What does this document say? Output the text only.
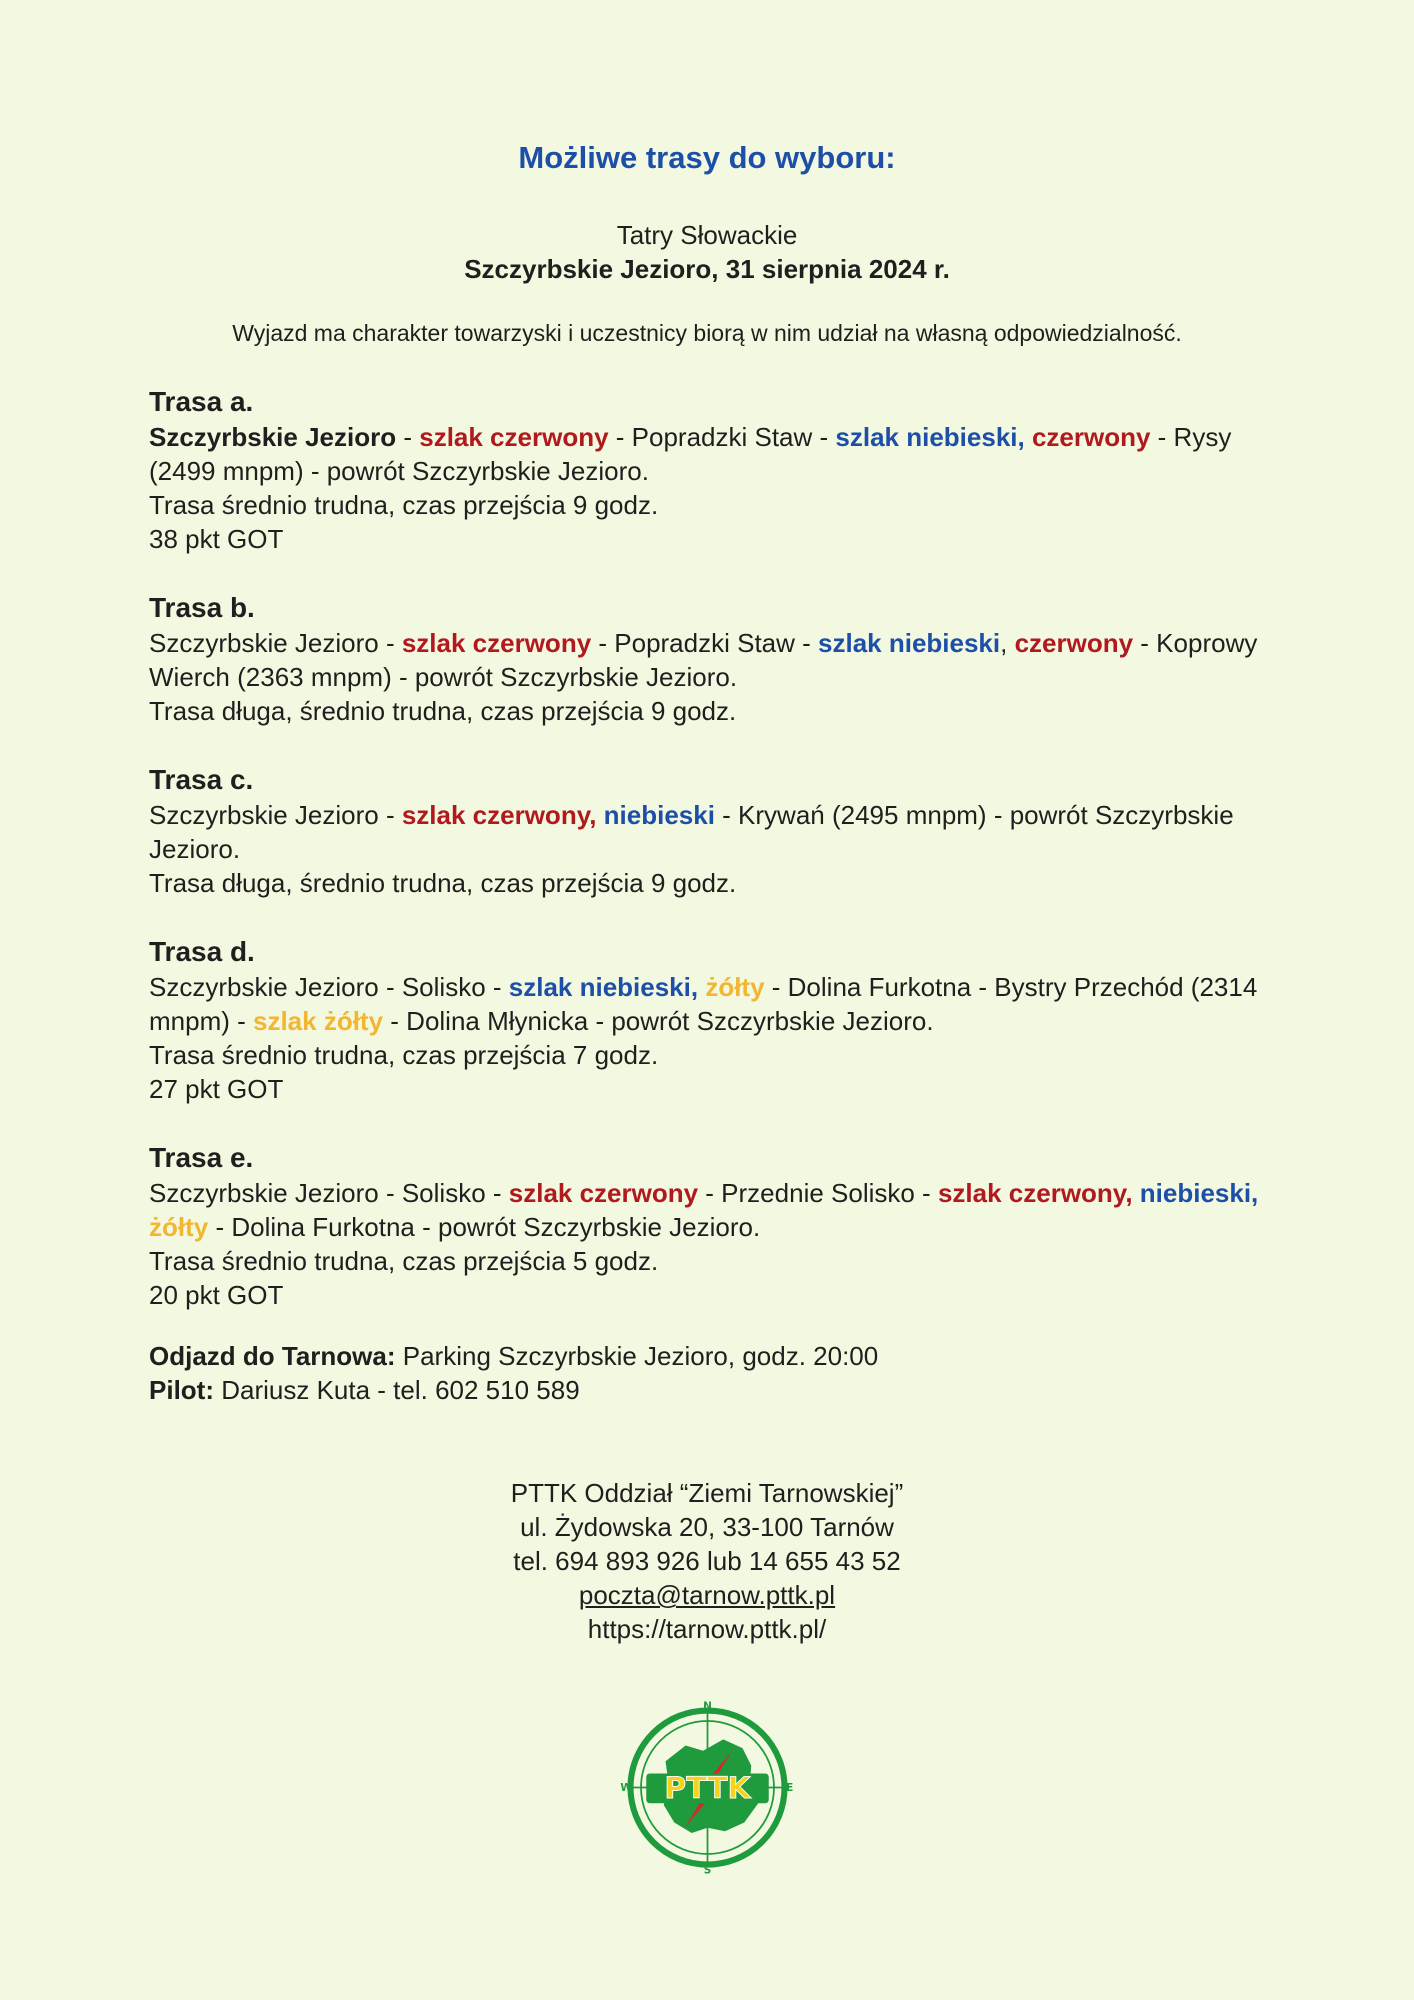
Możliwe trasy do wyboru:
Tatry Słowackie
Szczyrbskie Jezioro, 31 sierpnia 2024 r.
Wyjazd ma charakter towarzyski i uczestnicy biorą w nim udział na własną odpowiedzialność.
Trasa a.
Szczyrbskie Jezioro - szlak czerwony - Popradzki Staw - szlak niebieski, czerwony - Rysy (2499 mnpm) - powrót Szczyrbskie Jezioro.
Trasa średnio trudna, czas przejścia 9 godz.
38 pkt GOT
Trasa b.
Szczyrbskie Jezioro - szlak czerwony - Popradzki Staw - szlak niebieski, czerwony - Koprowy Wierch (2363 mnpm) - powrót Szczyrbskie Jezioro.
Trasa długa, średnio trudna, czas przejścia 9 godz.
Trasa c.
Szczyrbskie Jezioro - szlak czerwony, niebieski - Krywań (2495 mnpm) - powrót Szczyrbskie Jezioro.
Trasa długa, średnio trudna, czas przejścia 9 godz.
Trasa d.
Szczyrbskie Jezioro - Solisko - szlak niebieski, żółty - Dolina Furkotna - Bystry Przechód (2314 mnpm) - szlak żółty - Dolina Młynicka - powrót Szczyrbskie Jezioro.
Trasa średnio trudna, czas przejścia 7 godz.
27 pkt GOT
Trasa e.
Szczyrbskie Jezioro - Solisko - szlak czerwony - Przednie Solisko - szlak czerwony, niebieski, żółty - Dolina Furkotna - powrót Szczyrbskie Jezioro.
Trasa średnio trudna, czas przejścia 5 godz.
20 pkt GOT
Odjazd do Tarnowa: Parking Szczyrbskie Jezioro, godz. 20:00
Pilot: Dariusz Kuta - tel. 602 510 589
PTTK Oddział “Ziemi Tarnowskiej”
ul. Żydowska 20, 33-100 Tarnów
tel. 694 893 926 lub 14 655 43 52
poczta@tarnow.pttk.pl
https://tarnow.pttk.pl/
PTTK
N
S
E
W
